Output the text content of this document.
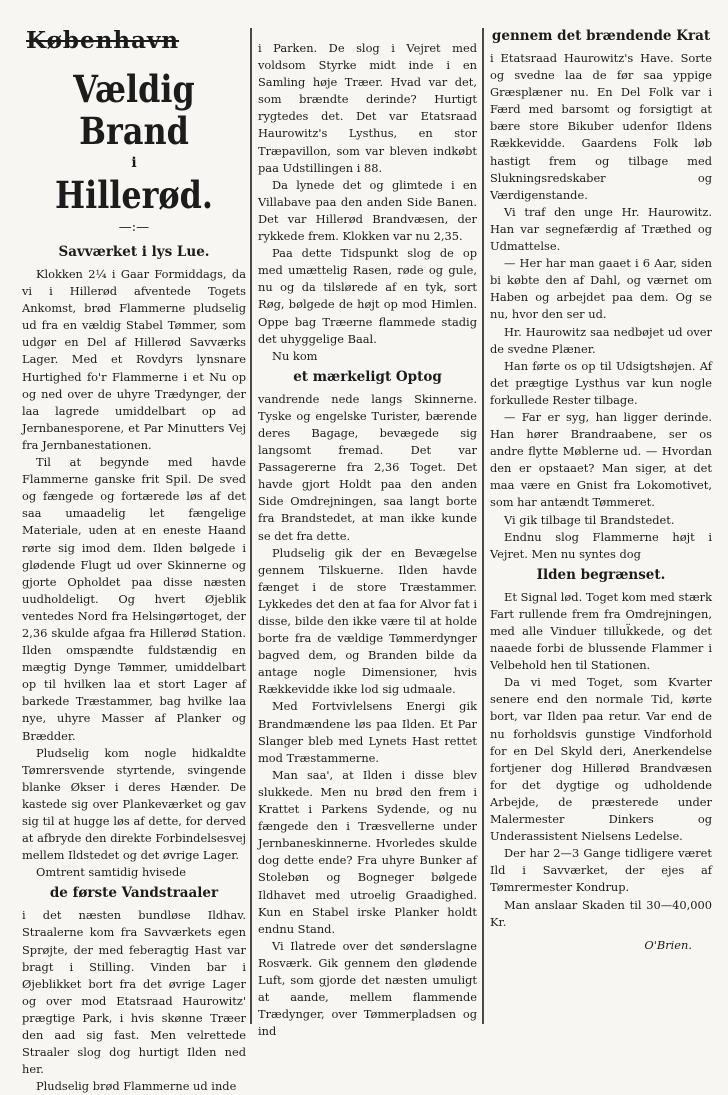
København
Vældig Brand
i
Hillerød.
—:—
Savværket i lys Lue.

Klokken 2¼ i Gaar Formiddags, da vi i Hillerød afventede Togets Ankomst, brød Flammerne pludselig ud fra en vældig Stabel Tømmer, som udgør en Del af Hillerød Savværks Lager. Med et Rovdyrs lynsnare Hurtighed fo'r Flammerne i et Nu op og ned over de uhyre Trædynger, der laa lagrede umiddelbart op ad Jernbanesporene, et Par Minutters Vej fra Jernbanestationen.

Til at begynde med havde Flammerne ganske frit Spil. De sved og fængede og fortærede løs af det saa umaadelig let fængelige Materiale, uden at en eneste Haand rørte sig imod dem. Ilden bølgede i glødende Flugt ud over Skinnerne og gjorte Opholdet paa disse næsten uudholdeligt. Og hvert Øjeblik ventedes Nord fra Helsingørtoget, der 2,36 skulde afgaa fra Hillerød Station. Ilden omspændte fuldstændig en mægtig Dynge Tømmer, umiddelbart op til hvilken laa et stort Lager af barkede Træstammer, bag hvilke laa nye, uhyre Masser af Planker og Brædder.

Pludselig kom nogle hidkaldte Tømrersvende styrtende, svingende blanke Økser i deres Hænder. De kastede sig over Plankeværket og gav sig til at hugge løs af dette, for derved at afbryde den direkte Forbindelsesvej mellem Ildstedet og det øvrige Lager.

Omtrent samtidig hvisede

de første Vandstraaler

i det næsten bundløse Ildhav. Straalerne kom fra Savværkets egen Sprøjte, der med feberagtig Hast var bragt i Stilling. Vinden bar i Øjeblikket bort fra det øvrige Lager og over mod Etatsraad Haurowitz' prægtige Park, i hvis skønne Træer den aad sig fast. Men velrettede Straaler slog dog hurtigt Ilden ned her.

Pludselig brød Flammerne ud inde

i Parken. De slog i Vejret med voldsom Styrke midt inde i en Samling høje Træer. Hvad var det, som brændte derinde? Hurtigt rygtedes det. Det var Etatsraad Haurowitz's Lysthus, en stor Træpavillon, som var bleven indkøbt paa Udstillingen i 88.

Da lynede det og glimtede i en Villabave paa den anden Side Banen. Det var Hillerød Brandvæsen, der rykkede frem. Klokken var nu 2,35.

Paa dette Tidspunkt slog de op med umættelig Rasen, røde og gule, nu og da tilslørede af en tyk, sort Røg, bølgede de højt op mod Himlen. Oppe bag Træerne flammede stadig det uhyggelige Baal.

Nu kom

et mærkeligt Optog

vandrende nede langs Skinnerne. Tyske og engelske Turister, bærende deres Bagage, bevægede sig langsomt fremad. Det var Passagererne fra 2,36 Toget. Det havde gjort Holdt paa den anden Side Omdrejningen, saa langt borte fra Brandstedet, at man ikke kunde se det fra dette.

Pludselig gik der en Bevægelse gennem Tilskuerne. Ilden havde fænget i de store Træstammer. Lykkedes det den at faa for Alvor fat i disse, bilde den ikke være til at holde borte fra de vældige Tømmerdynger bagved dem, og Branden bilde da antage nogle Dimensioner, hvis Rækkevidde ikke lod sig udmaale.

Med Fortvivlelsens Energi gik Brandmændene løs paa Ilden. Et Par Slanger bleb med Lynets Hast rettet mod Træstammerne.

Man saa', at Ilden i disse blev slukkede. Men nu brød den frem i Krattet i Parkens Sydende, og nu fængede den i Træsvellerne under Jernbaneskinnerne. Hvorledes skulde dog dette ende? Fra uhyre Bunker af Stolebøn og Bogneger bølgede Ildhavet med utroelig Graadighed. Kun en Stabel irske Planker holdt endnu Stand.

Vi Ilatrede over det sønderslagne Rosværk. Gik gennem den glødende Luft, som gjorde det næsten umuligt at aande, mellem flammende Trædynger, over Tømmerpladsen og ind

gennem det brændende Krat

i Etatsraad Haurowitz's Have. Sorte og svedne laa de før saa yppige Græsplæner nu. En Del Folk var i Færd med barsomt og forsigtigt at bære store Bikuber udenfor Ildens Rækkevidde. Gaardens Folk løb hastigt frem og tilbage med Slukningsredskaber og Værdigenstande.

Vi traf den unge Hr. Haurowitz. Han var segnefærdig af Træthed og Udmattelse.

— Her har man gaaet i 6 Aar, siden bi købte den af Dahl, og værnet om Haben og arbejdet paa dem. Og se nu, hvor den ser ud.

Hr. Haurowitz saa nedbøjet ud over de svedne Plæner.

Han førte os op til Udsigtshøjen. Af det prægtige Lysthus var kun nogle forkullede Rester tilbage.

— Far er syg, han ligger derinde. Han hører Brandraabene, ser os andre flytte Møblerne ud. — Hvordan den er opstaaet? Man siger, at det maa være en Gnist fra Lokomotivet, som har antændt Tømmeret.

Vi gik tilbage til Brandstedet.

Endnu slog Flammerne højt i Vejret. Men nu syntes dog

Ilden begrænset.

Et Signal lød. Toget kom med stærk Fart rullende frem fra Omdrejningen, med alle Vinduer tilluk̈kede, og det naaede forbi de blussende Flammer i Velbehold hen til Stationen.

Da vi med Toget, som Kvarter senere end den normale Tid, kørte bort, var Ilden paa retur. Var end de nu forholdsvis gunstige Vindforhold for en Del Skyld deri, Anerkendelse fortjener dog Hillerød Brandvæsen for det dygtige og udholdende Arbejde, de præsterede under Malermester Dinkers og Underassistent Nielsens Ledelse.

Der har 2—3 Gange tidligere været Ild i Savværket, der ejes af Tømrermester Kondrup.

Man anslaar Skaden til 30—40,000 Kr.

O'Brien.
